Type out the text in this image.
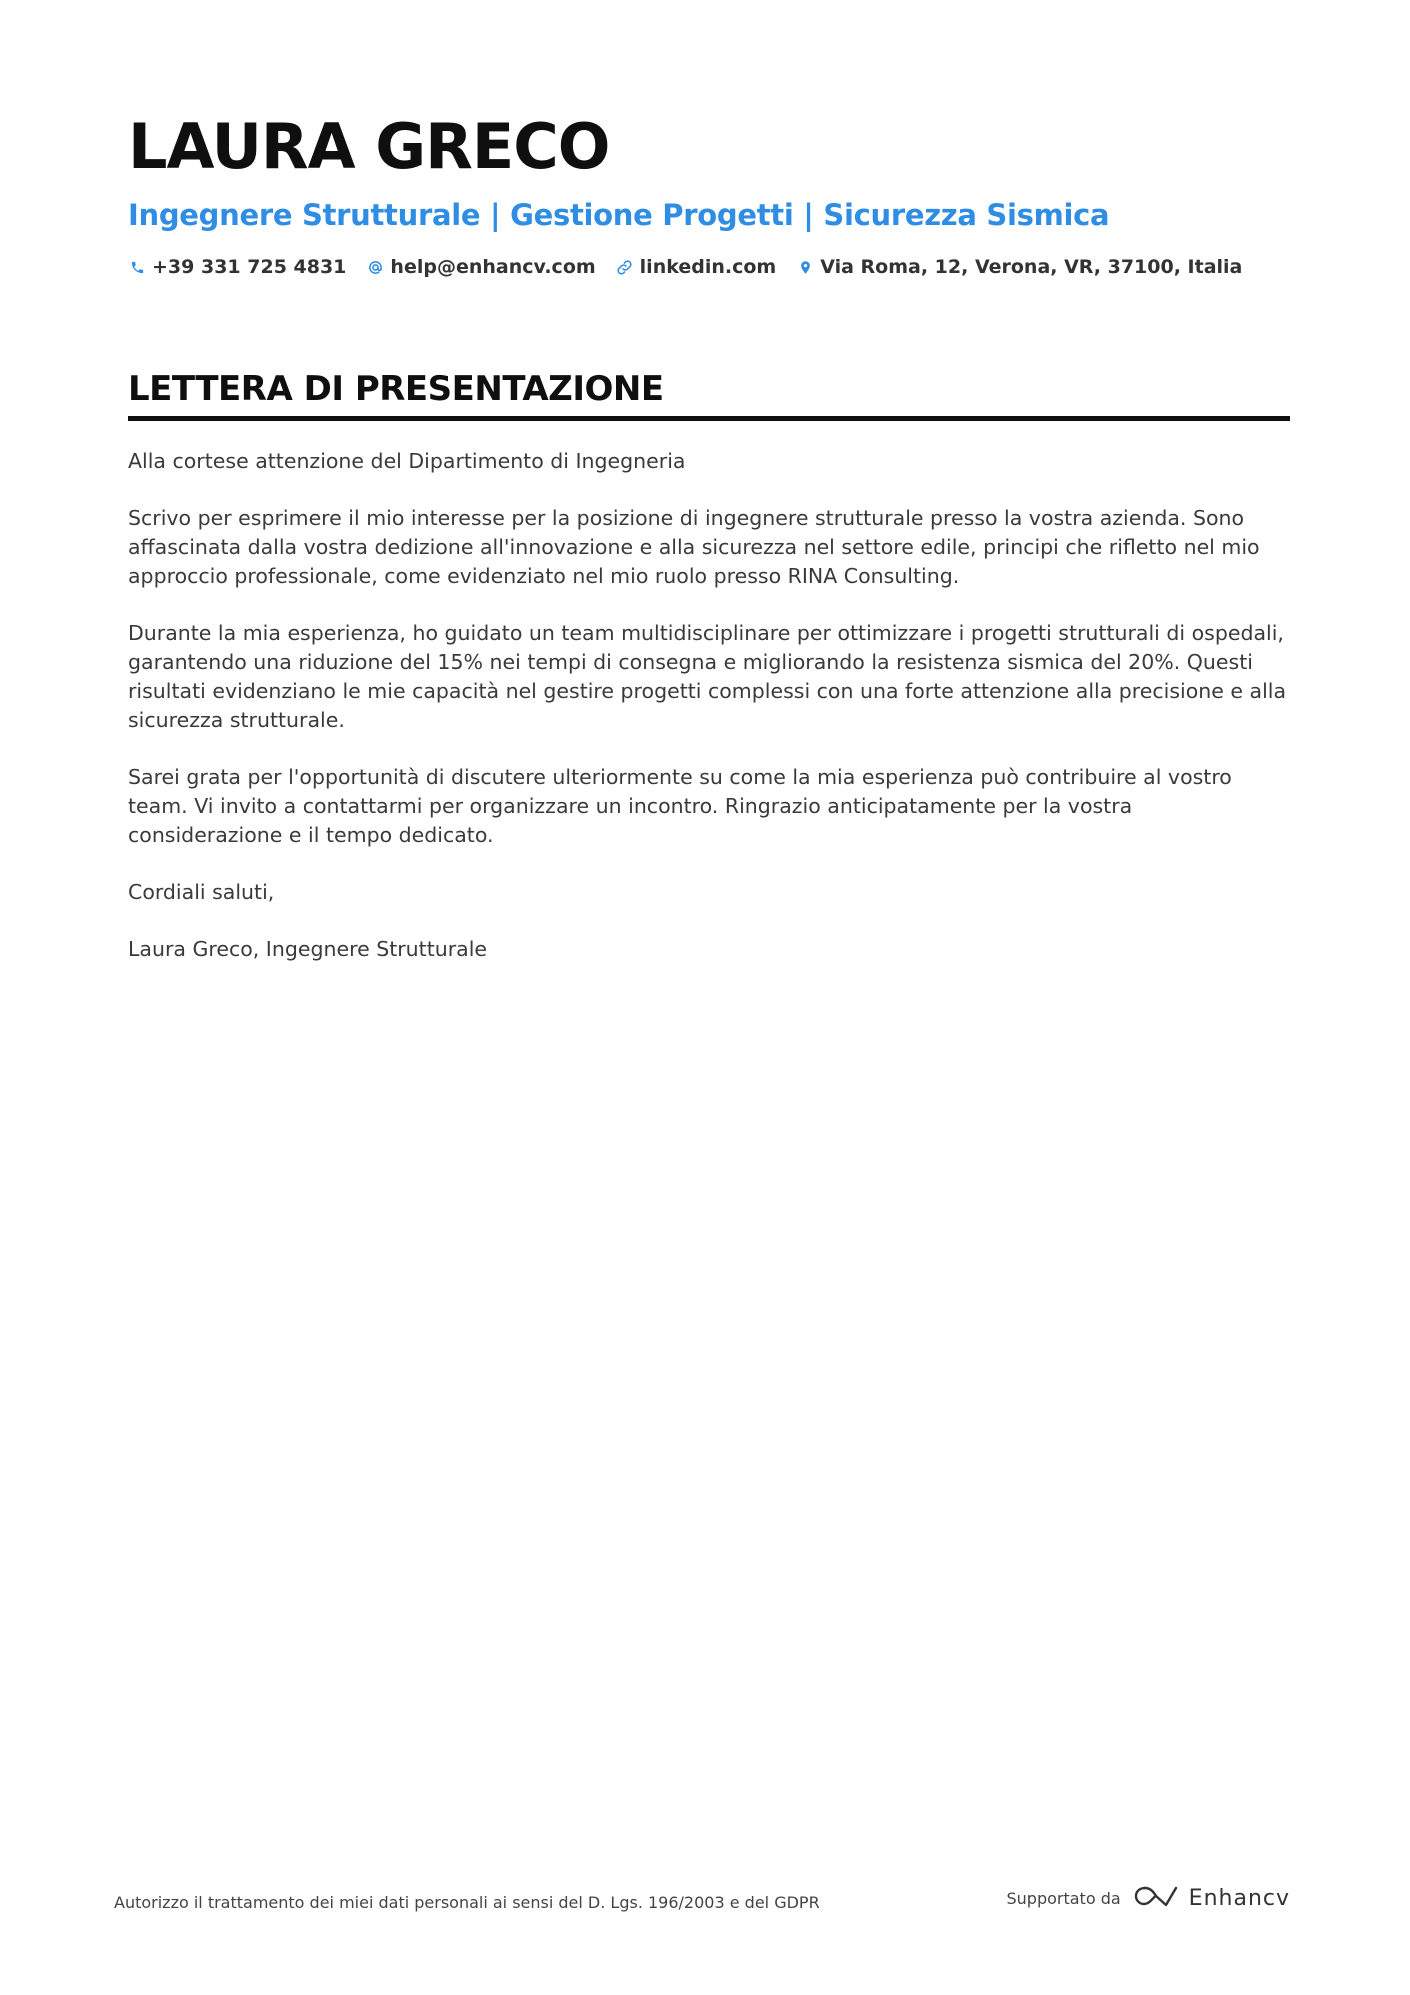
LAURA GRECO
Ingegnere Strutturale | Gestione Progetti | Sicurezza Sismica
+39 331 725 4831 help@enhancv.com linkedin.com Via Roma, 12, Verona, VR, 37100, Italia
LETTERA DI PRESENTAZIONE

Alla cortese attenzione del Dipartimento di Ingegneria

Scrivo per esprimere il mio interesse per la posizione di ingegnere strutturale presso la vostra azienda. Sono affascinata dalla vostra dedizione all'innovazione e alla sicurezza nel settore edile, principi che rifletto nel mio approccio professionale, come evidenziato nel mio ruolo presso RINA Consulting.

Durante la mia esperienza, ho guidato un team multidisciplinare per ottimizzare i progetti strutturali di ospedali, garantendo una riduzione del 15% nei tempi di consegna e migliorando la resistenza sismica del 20%. Questi risultati evidenziano le mie capacità nel gestire progetti complessi con una forte attenzione alla precisione e alla sicurezza strutturale.

Sarei grata per l'opportunità di discutere ulteriormente su come la mia esperienza può contribuire al vostro team. Vi invito a contattarmi per organizzare un incontro. Ringrazio anticipatamente per la vostra considerazione e il tempo dedicato.

Cordiali saluti,

Laura Greco, Ingegnere Strutturale

Autorizzo il trattamento dei miei dati personali ai sensi del D. Lgs. 196/2003 e del GDPR	Supportato da	Enhancv
